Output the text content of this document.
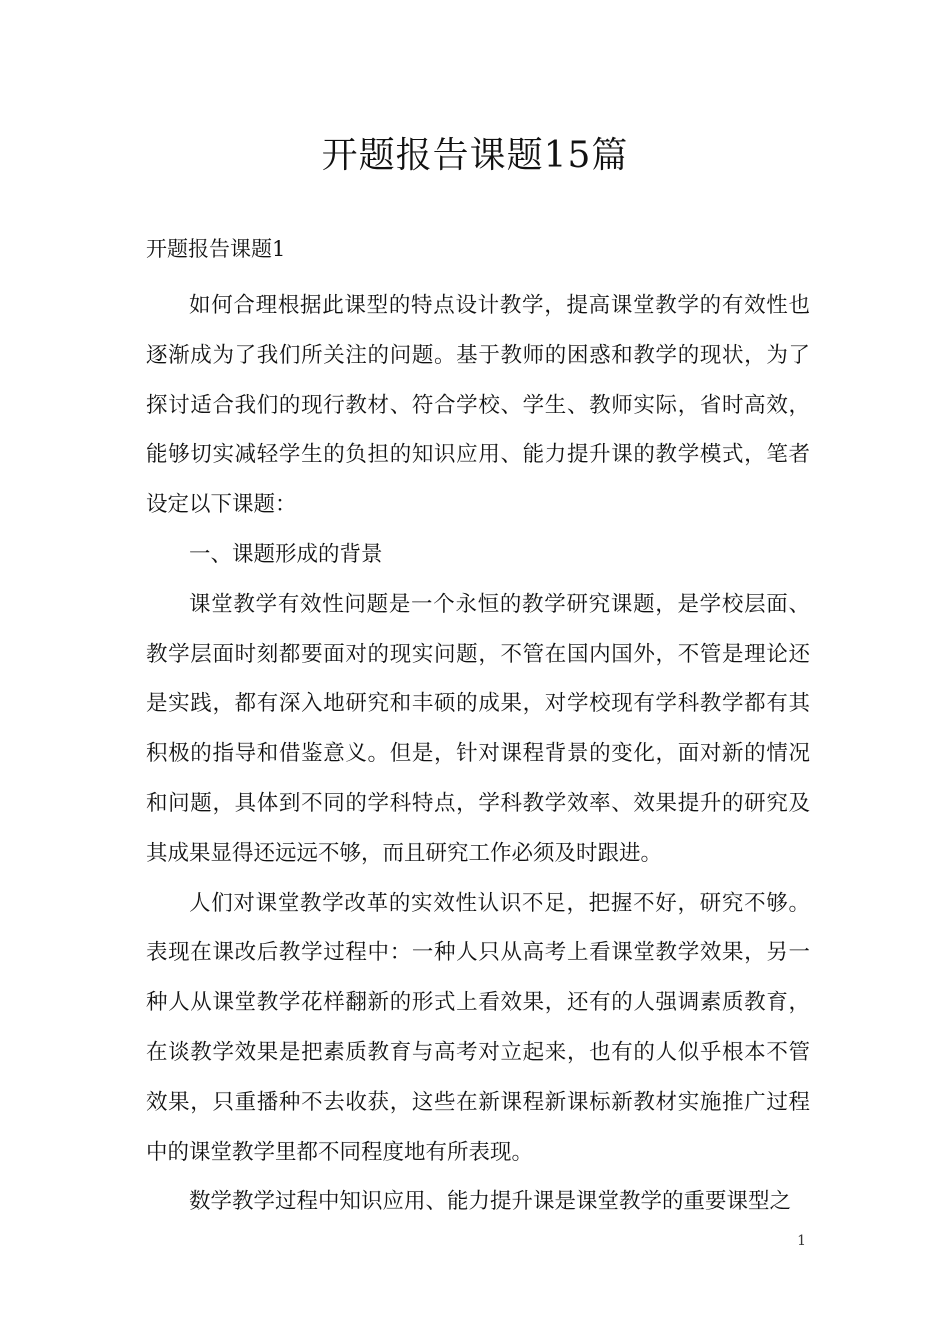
开题报告课题15篇
开题报告课题1

如何合理根据此课型的特点设计教学，提高课堂教学的有效性也逐渐成为了我们所关注的问题。基于教师的困惑和教学的现状，为了探讨适合我们的现行教材、符合学校、学生、教师实际，省时高效，能够切实减轻学生的负担的知识应用、能力提升课的教学模式，笔者设定以下课题：

一、课题形成的背景

课堂教学有效性问题是一个永恒的教学研究课题，是学校层面、教学层面时刻都要面对的现实问题，不管在国内国外，不管是理论还是实践，都有深入地研究和丰硕的成果，对学校现有学科教学都有其积极的指导和借鉴意义。但是，针对课程背景的变化，面对新的情况和问题，具体到不同的学科特点，学科教学效率、效果提升的研究及其成果显得还远远不够，而且研究工作必须及时跟进。

人们对课堂教学改革的实效性认识不足，把握不好，研究不够。表现在课改后教学过程中：一种人只从高考上看课堂教学效果，另一种人从课堂教学花样翻新的形式上看效果，还有的人强调素质教育，在谈教学效果是把素质教育与高考对立起来，也有的人似乎根本不管效果，只重播种不去收获，这些在新课程新课标新教材实施推广过程中的课堂教学里都不同程度地有所表现。

数学教学过程中知识应用、能力提升课是课堂教学的重要课型之

1
